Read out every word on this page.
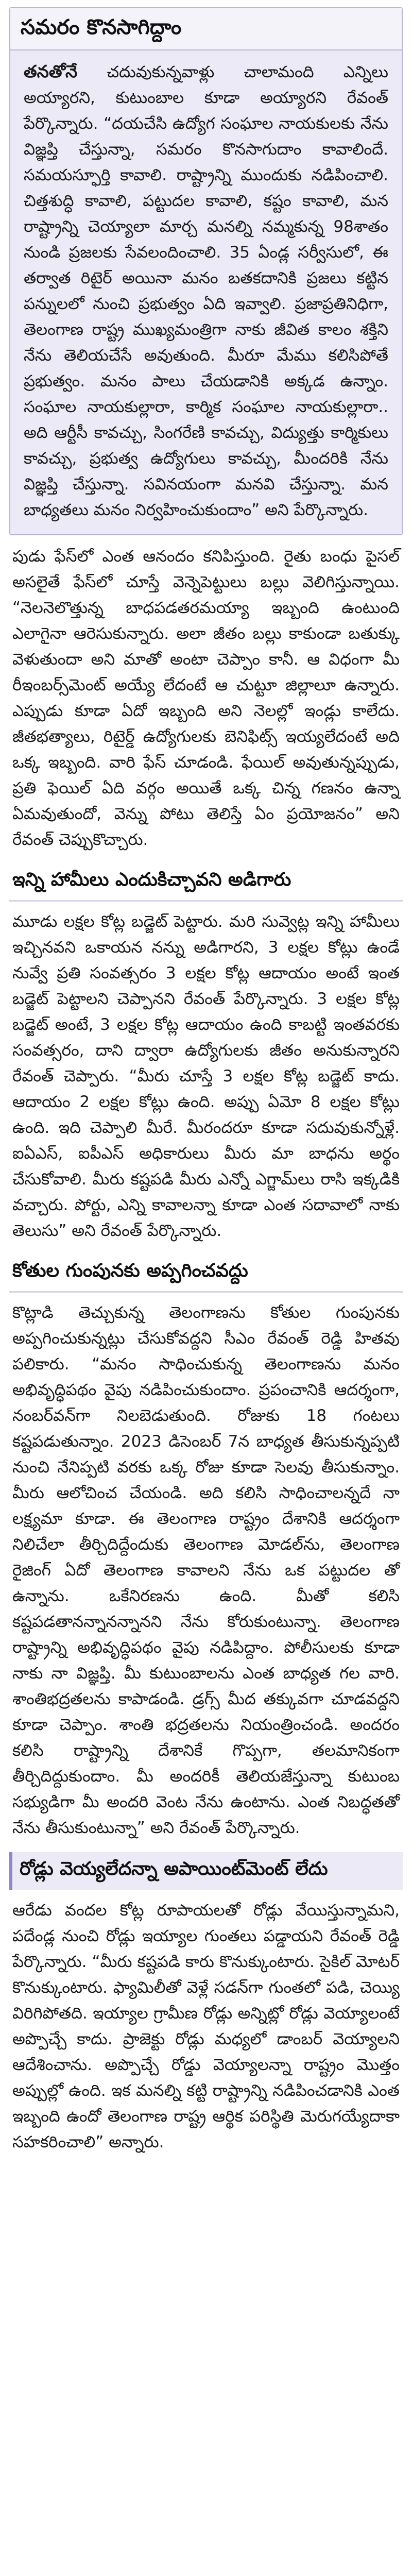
సమరం కొనసాగిద్దాం

తనతోనే చదువుకున్నవాళ్లు చాలామంది ఎన్నిలు అయ్యారని, కుటుంబాల కూడా అయ్యారని రేవంత్ పేర్కొన్నారు. “దయచేసి ఉద్యోగ సంఘాల నాయకులకు నేను విజ్ఞప్తి చేస్తున్నా, సమరం కొనసాగుదాం కావాలిందే. సమయస్ఫూర్తి కావాలి. రాష్ట్రాన్ని ముందుకు నడిపించాలి. చిత్తశుద్ధి కావాలి, పట్టుదల కావాలి, కష్టం కావాలి, మన రాష్ట్రాన్ని చెయ్యాలా మార్చ మనల్ని నమ్మకున్న 98శాతం నుండి ప్రజలకు సేవలందించాలి. 35 ఏండ్ల సర్వీసులో, ఈ తర్వాత రిటైర్ అయినా మనం బతకదానికి ప్రజలు కట్టిన పన్నులలో నుంచి ప్రభుత్వం ఏది ఇవ్వాలి. ప్రజాప్రతినిధిగా, తెలంగాణ రాష్ట్ర ముఖ్యమంత్రిగా నాకు జీవిత కాలం శక్తిని నేను తెలియచేసే అవుతుంది. మీరూ మేము కలిసిపోతే ప్రభుత్వం. మనం పాలు చేయడానికి అక్కడ ఉన్నాం. సంఘాల నాయకుల్లారా, కార్మిక సంఘాల నాయకుల్లారా.. అది ఆర్టీసీ కావచ్చు, సింగరేణి కావచ్చు, విద్యుత్తు కార్మికులు కావచ్చు, ప్రభుత్వ ఉద్యోగులు కావచ్చు, మీందరికి నేను విజ్ఞప్తి చేస్తున్నా. సవినయంగా మనవి చేస్తున్నా. మన బాధ్యతలు మనం నిర్వహించుకుందాం” అని పేర్కొన్నారు.

పుడు ఫేస్‌లో ఎంత ఆనందం కనిపిస్తుంది. రైతు బంధు పైసల్ అసలైతే ఫేస్‌లో చూస్తే వెన్నెపెట్టులు బల్లు వెలిగిస్తున్నాయి. “నెలనెలొత్తున్న బాధపడతరమయ్యా ఇబ్బంది ఉంటుంది ఎలాగైనా ఆరెసుకున్నారు. అలా జీతం బల్లు కాకుండా బతుక్కు వెళుతుందా అని మాతో అంటా చెప్పాం కానీ. ఆ విధంగా మీ రీఇంబర్స్‌మెంట్ అయ్యే లేదంటే ఆ చుట్టూ జిల్లాలూ ఉన్నారు. ఎప్పుడు కూడా ఏదో ఇబ్బంది అని నెలల్లో ఇండ్లు కాలేదు. జీతభత్యాలు, రిటైర్డ్ ఉద్యోగులకు బెనిఫిట్స్ ఇయ్యలేదంటే అది ఒక్క ఇబ్బంది. వారి ఫేస్ చూడండి. ఫేయిల్ అవుతున్నప్పుడు, ప్రతి ఫెయిల్ ఏది వర్గం అయితే ఒక్క చిన్న గణనం ఉన్నా ఏమవుతుందో, వెన్ను పోటు తెలిస్తే ఏం ప్రయోజనం” అని రేవంత్ చెప్పుకొచ్చారు.

ఇన్ని హామీలు ఎందుకిచ్చావని అడిగారు

మూడు లక్షల కోట్ల బడ్జెట్ పెట్టారు. మరి సువ్వెట్ల ఇన్ని హామీలు ఇచ్చినవని ఒకాయన నన్ను అడిగారని, 3 లక్షల కోట్లు ఉండే నువ్వే ప్రతి సంవత్సరం 3 లక్షల కోట్ల ఆదాయం అంటే ఇంత బడ్జెట్ పెట్టాలని చెప్పానని రేవంత్ పేర్కొన్నారు. 3 లక్షల కోట్ల బడ్జెట్ అంటే, 3 లక్షల కోట్ల ఆదాయం ఉంది కాబట్టి ఇంతవరకు సంవత్సరం, దాని ద్వారా ఉద్యోగులకు జీతం అనుకున్నారని రేవంత్ చెప్పారు. “మీరు చూస్తే 3 లక్షల కోట్ల బడ్జెట్ కాదు. ఆదాయం 2 లక్షల కోట్లు ఉంది. అప్పు ఏమో 8 లక్షల కోట్లు ఉంది. ఇది చెప్పాలి మీరే. మీరందరూ కూడా సదువుకున్నోళ్లే. ఐఏఎస్, ఐపీఎస్ అధికారులు మీరు మా బాధను అర్థం చేసుకోవాలి. మీరు కష్టపడి మీరు ఎన్నో ఎగ్జామ్‌లు రాసి ఇక్కడికి వచ్చారు. పోర్టు, ఎన్ని కావాలన్నా కూడా ఎంత సదావాలో నాకు తెలుసు” అని రేవంత్ పేర్కొన్నారు.

కోతుల గుంపునకు అప్పగించవద్దు

కొట్లాడి తెచ్చుకున్న తెలంగాణను కోతుల గుంపునకు అప్పగించుకున్నట్లు చేసుకోవద్దని సీఎం రేవంత్ రెడ్డి హితవు పలికారు. “మనం సాధించుకున్న తెలంగాణను మనం అభివృద్ధిపథం వైపు నడిపించుకుందాం. ప్రపంచానికి ఆదర్శంగా, నంబర్‌వన్‌గా నిలబెడుతుంది. రోజుకు 18 గంటలు కష్టపడుతున్నాం. 2023 డిసెంబర్ 7న బాధ్యత తీసుకున్నప్పటి నుంచి నేనిప్పటి వరకు ఒక్క రోజు కూడా సెలవు తీసుకున్నాం. మీరు ఆలోచించ చేయండి. అది కలిసి సాధించాలన్నదే నా లక్ష్యమా కూడా. ఈ తెలంగాణ రాష్ట్రం దేశానికి ఆదర్శంగా నిలిచేలా తీర్చిదిద్దేందుకు తెలంగాణ మోడల్‌ను, తెలంగాణ రైజింగ్ ఏదో తెలంగాణ కావాలని నేను ఒక పట్టుదల తో ఉన్నాను. ఒకేనిరణను ఉంది. మీతో కలిసి కష్టపడతానన్నానన్నానని నేను కోరుకుంటున్నా. తెలంగాణ రాష్ట్రాన్ని అభివృద్ధిపథం వైపు నడిపిద్దాం. పోలీసులకు కూడా నాకు నా విజ్ఞప్తి. మీ కుటుంబాలను ఎంత బాధ్యత గల వారి. శాంతిభద్రతలను కాపాడండి. డ్రగ్స్ మీద తక్కువగా చూడవద్దని కూడా చెప్పాం. శాంతి భద్రతలను నియంత్రించండి. అందరం కలిసి రాష్ట్రాన్ని దేశానికే గొప్పగా, తలమానికంగా తీర్చిదిద్దుకుందాం. మీ అందరికీ తెలియజేస్తున్నా కుటుంబ సభ్యుడిగా మీ అందరి వెంట నేను ఉంటాను. ఎంత నిబద్ధతతో నేను తీసుకుంటున్నా” అని రేవంత్ పేర్కొన్నారు.

రోడ్లు వెయ్యలేదన్నా అపాయింట్‌మెంట్ లేదు

ఆరేడు వందల కోట్ల రూపాయలతో రోడ్లు వేయిస్తున్నామని, పదేండ్ల నుంచి రోడ్లు ఇయ్యాల గుంతలు పడ్డాయని రేవంత్ రెడ్డి పేర్కొన్నారు. “మీరు కష్టపడి కారు కొనుక్కుంటారు. సైకిల్ మోటర్ కొనుక్కుంటారు. ఫ్యామిలీతో వెళ్లే సడన్‌గా గుంతలో పడి, చెయ్యి విరిగిపోతది. ఇయ్యాల గ్రామీణ రోడ్లు అన్నిట్లో రోడ్లు వెయ్యాలంటే అప్పొచ్చే కాదు. ప్రాజెక్టు రోడ్లు మధ్యలో డాంబర్ వెయ్యాలని ఆదేశించాను. అప్పొచ్చే రోడ్డు వెయ్యాలన్నా రాష్ట్రం మొత్తం అప్పుల్లో ఉంది. ఇక మనల్ని కట్టి రాష్ట్రాన్ని నడిపించడానికి ఎంత ఇబ్బంది ఉందో తెలంగాణ రాష్ట్ర ఆర్థిక పరిస్థితి మెరుగయ్యేదాకా సహకరించాలి” అన్నారు.
